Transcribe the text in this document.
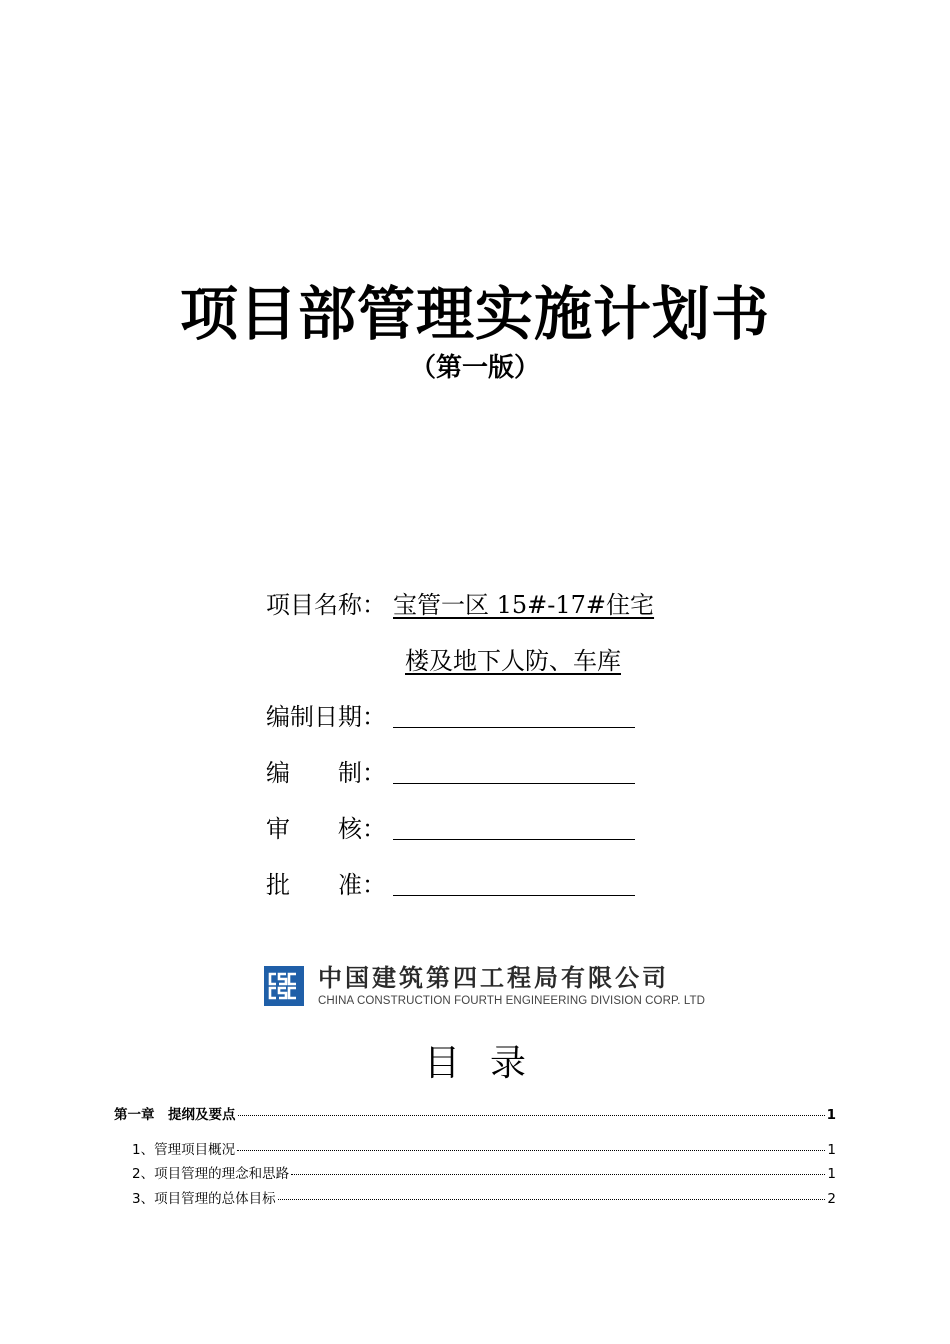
项目部管理实施计划书
（第一版）
项目名称： 宝管一区 15#-17#住宅
楼及地下人防、车库
编制日期：
编　　制：
审　　核：
批　　准：
中国建筑第四工程局有限公司
CHINA CONSTRUCTION FOURTH ENGINEERING DIVISION CORP. LTD
目录
第一章　提纲及要点	1
1、管理项目概况	1
2、项目管理的理念和思路	1
3、项目管理的总体目标	2
